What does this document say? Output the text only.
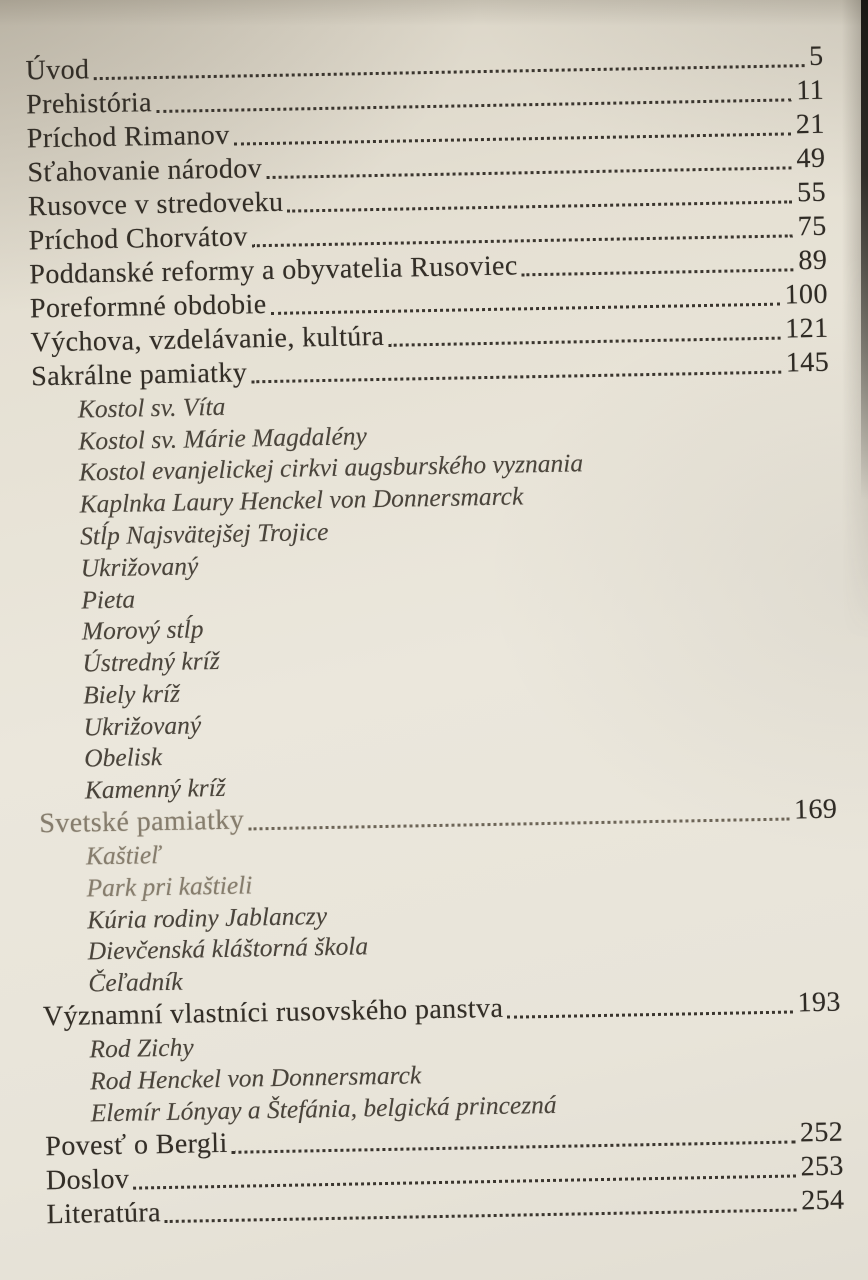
Úvod	5
Prehistória	11
Príchod Rimanov	21
Sťahovanie národov	49
Rusovce v stredoveku	55
Príchod Chorvátov	75
Poddanské reformy a obyvatelia Rusoviec	89
Poreformné obdobie	100
Výchova, vzdelávanie, kultúra	121
Sakrálne pamiatky	145
Kostol sv. Víta
Kostol sv. Márie Magdalény
Kostol evanjelickej cirkvi augsburského vyznania
Kaplnka Laury Henckel von Donnersmarck
Stĺp Najsvätejšej Trojice
Ukrižovaný
Pieta
Morový stĺp
Ústredný kríž
Biely kríž
Ukrižovaný
Obelisk
Kamenný kríž
Svetské pamiatky	169
Kaštieľ
Park pri kaštieli
Kúria rodiny Jablanczy
Dievčenská kláštorná škola
Čeľadník
Významní vlastníci rusovského panstva	193
Rod Zichy
Rod Henckel von Donnersmarck
Elemír Lónyay a Štefánia, belgická princezná
Povesť o Bergli	252
Doslov	253
Literatúra	254
